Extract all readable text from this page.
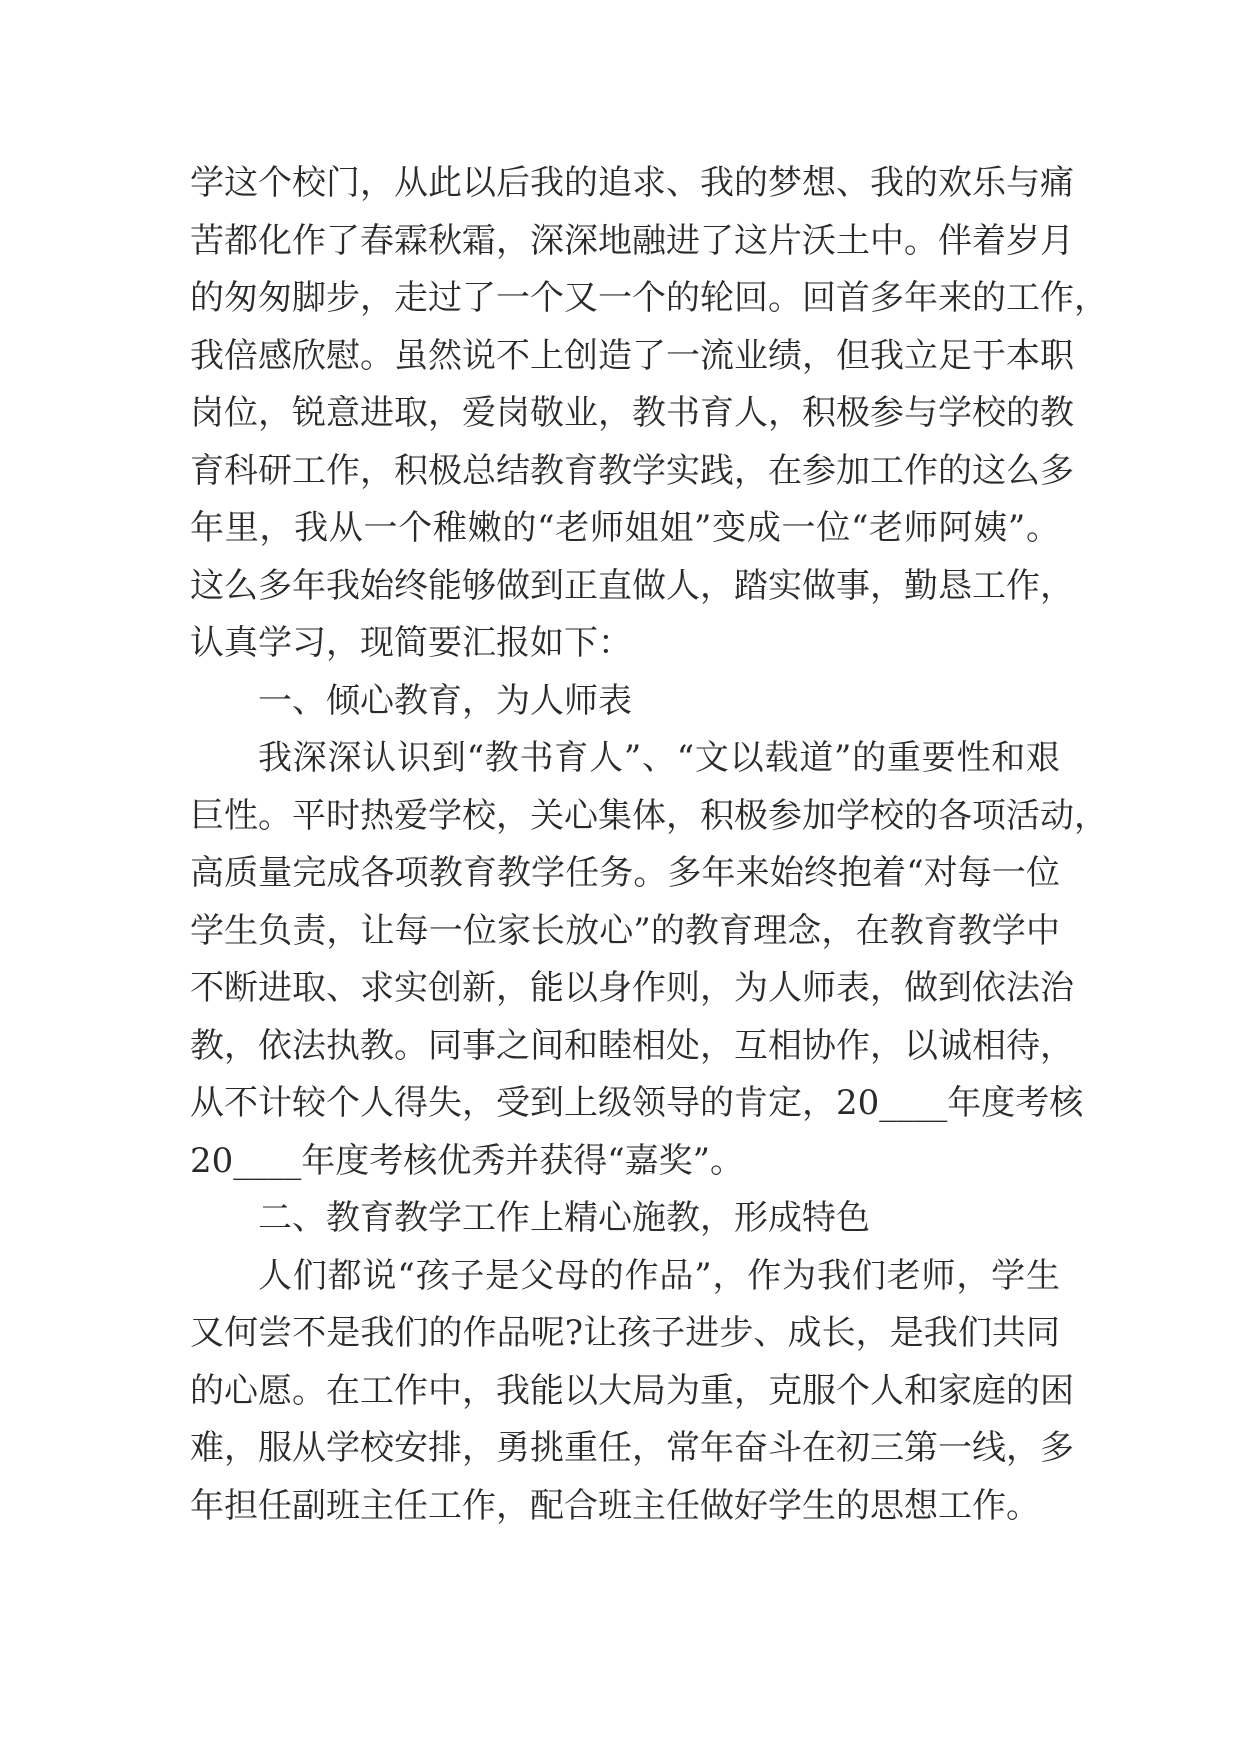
学这个校门，从此以后我的追求、我的梦想、我的欢乐与痛
苦都化作了春霖秋霜，深深地融进了这片沃土中。伴着岁月
的匆匆脚步，走过了一个又一个的轮回。回首多年来的工作，
我倍感欣慰。虽然说不上创造了一流业绩，但我立足于本职
岗位，锐意进取，爱岗敬业，教书育人，积极参与学校的教
育科研工作，积极总结教育教学实践，在参加工作的这么多
年里，我从一个稚嫩的“老师姐姐”变成一位“老师阿姨”。
这么多年我始终能够做到正直做人，踏实做事，勤恳工作，
认真学习，现简要汇报如下：
一、倾心教育，为人师表
我深深认识到“教书育人”、“文以载道”的重要性和艰
巨性。平时热爱学校，关心集体，积极参加学校的各项活动，
高质量完成各项教育教学任务。多年来始终抱着“对每一位
学生负责，让每一位家长放心”的教育理念，在教育教学中
不断进取、求实创新，能以身作则，为人师表，做到依法治
教，依法执教。同事之间和睦相处，互相协作，以诚相待，
从不计较个人得失，受到上级领导的肯定，20____年度考核
20____年度考核优秀并获得“嘉奖”。
二、教育教学工作上精心施教，形成特色
人们都说“孩子是父母的作品”，作为我们老师，学生
又何尝不是我们的作品呢?让孩子进步、成长，是我们共同
的心愿。在工作中，我能以大局为重，克服个人和家庭的困
难，服从学校安排，勇挑重任，常年奋斗在初三第一线，多
年担任副班主任工作，配合班主任做好学生的思想工作。
